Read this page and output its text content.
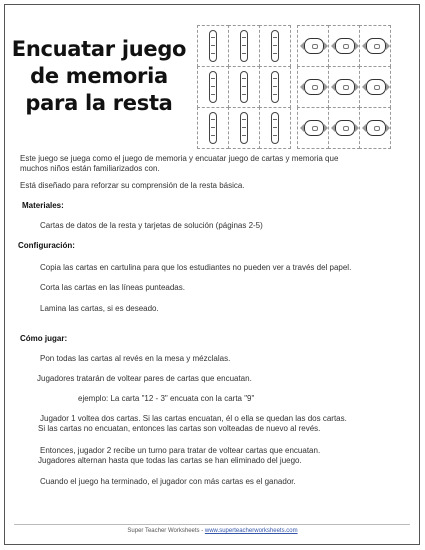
Encuatar juego
de memoria
para la resta
Este juego se juega como el juego de memoria y encuatar juego de cartas y memoria que
muchos niños están familiarizados con.
Está diseñado para reforzar su comprensión de la resta básica.
Materiales:
Cartas de datos de la resta y tarjetas de solución (páginas 2-5)
Configuración:
Copia las cartas en cartulina para que los estudiantes no pueden ver a través del papel.
Corta las cartas en las líneas punteadas.
Lamina las cartas, si es deseado.
Cómo jugar:
Pon todas las cartas al revés en la mesa y mézclalas.
Jugadores tratarán de voltear pares de cartas que encuatan.
ejemplo: La carta "12 - 3" encuata con la carta "9"
Jugador 1 voltea dos cartas. Si las cartas encuatan, él o ella se quedan las dos cartas.
Si las cartas no encuatan, entonces las cartas son volteadas de nuevo al revés.
Entonces, jugador 2 recibe un turno para tratar de voltear cartas que encuatan.
Jugadores alternan hasta que todas las cartas se han eliminado del juego.
Cuando el juego ha terminado, el jugador con más cartas es el ganador.
Super Teacher Worksheets - www.superteacherworksheets.com
